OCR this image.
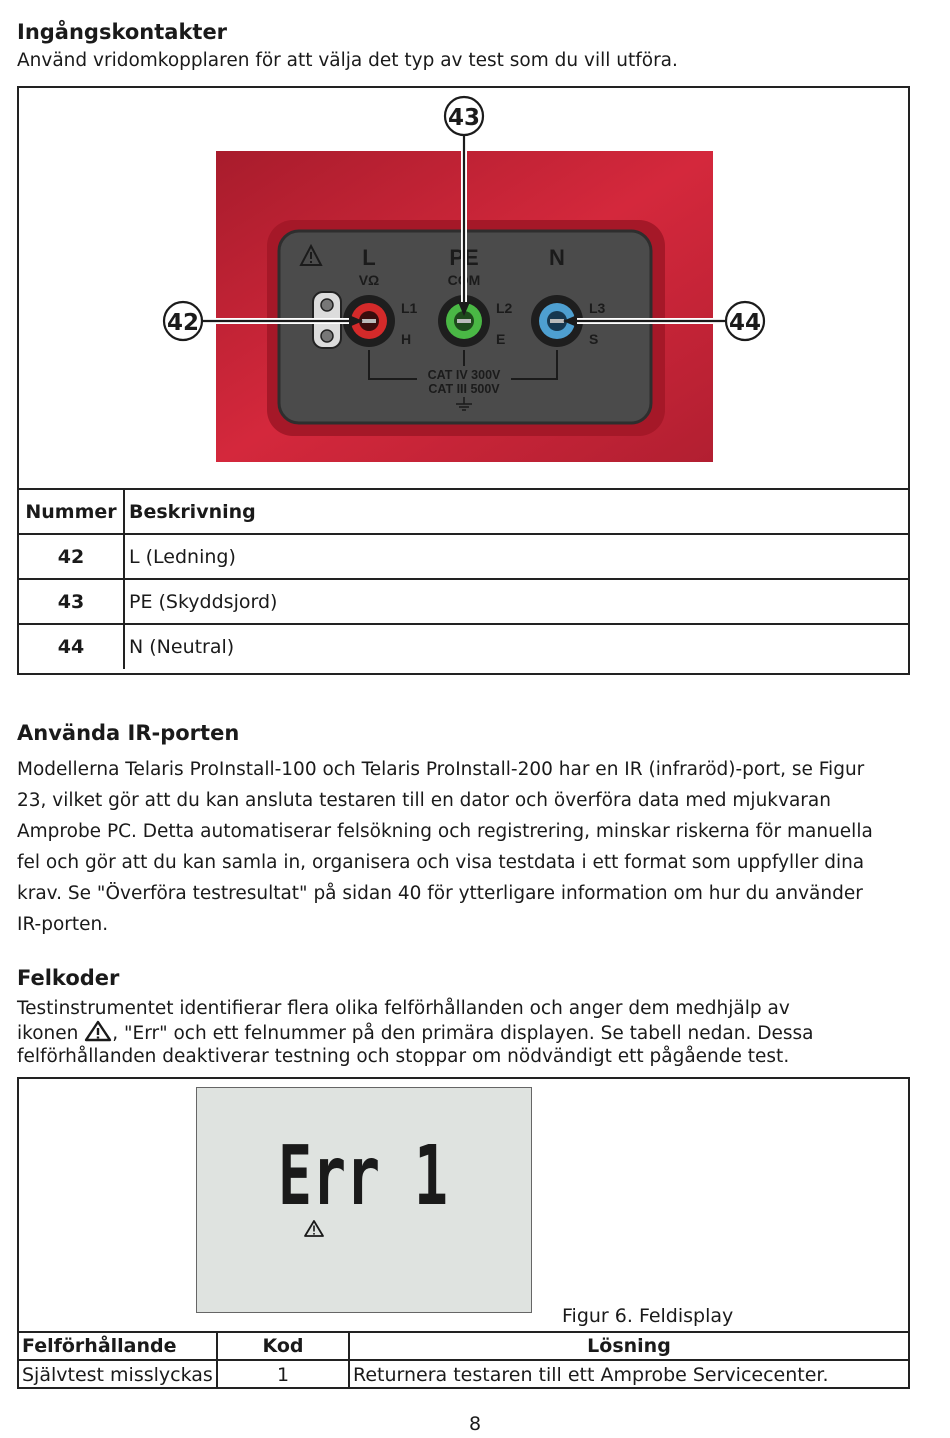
Ingångskontakter
Använd vridomkopplaren för att välja det typ av test som du vill utföra.
L	PE	N
VΩ	COM
L1
H
L2
E
L3
S
CAT IV 300V
CAT III 500V
42
43
44
Nummer	Beskrivning
42	L (Ledning)
43	PE (Skyddsjord)
44	N (Neutral)
Använda IR-porten
Modellerna Telaris ProInstall-100 och Telaris ProInstall-200 har en IR (infraröd)-port, se Figur
23, vilket gör att du kan ansluta testaren till en dator och överföra data med mjukvaran
Amprobe PC. Detta automatiserar felsökning och registrering, minskar riskerna för manuella
fel och gör att du kan samla in, organisera och visa testdata i ett format som uppfyller dina
krav. Se "Överföra testresultat" på sidan 40 för ytterligare information om hur du använder
IR-porten.
Felkoder
Testinstrumentet identifierar flera olika felförhållanden och anger dem medhjälp av
ikonen , "Err" och ett felnummer på den primära displayen. Se tabell nedan. Dessa
felförhållanden deaktiverar testning och stoppar om nödvändigt ett pågående test.
Err 1
Figur 6. Feldisplay
Felförhållande	Kod	Lösning
Självtest misslyckas	1	Returnera testaren till ett Amprobe Servicecenter.
8
